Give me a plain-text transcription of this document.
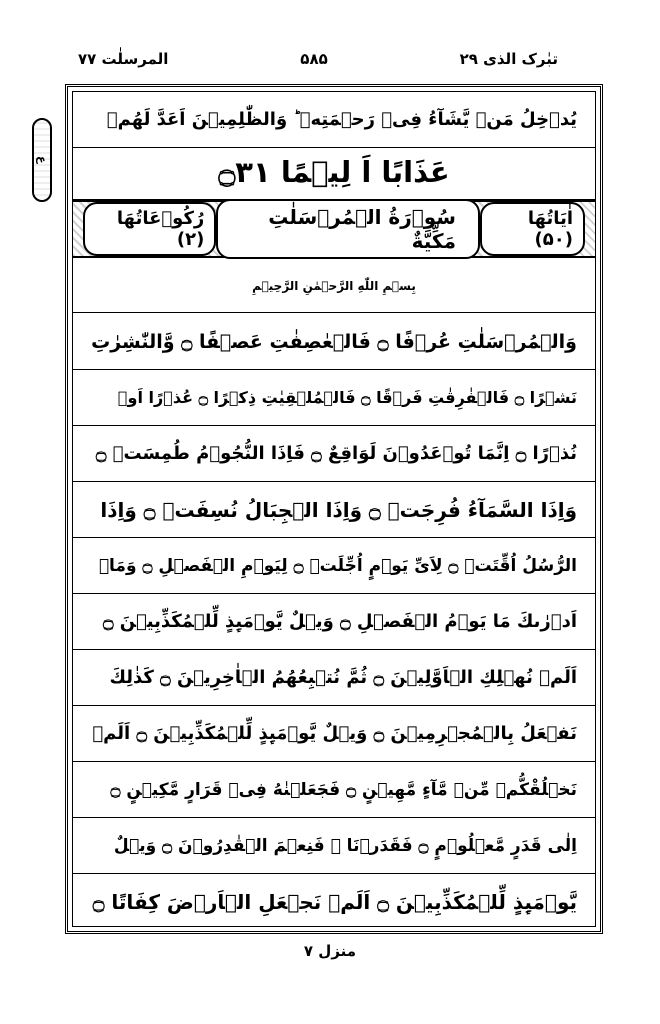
المرسلٰت ۷۷	۵۸۵	تبٰرک الذی ۲۹
ع
يُدۡخِلُ مَنۡ يَّشَآءُ فِىۡ رَحۡمَتِهٖ‌ ؕ وَالظّٰلِمِيۡنَ اَعَدَّ لَهُمۡ
عَذَابًا اَ لِيۡمًا ۝۳۱
اٰيَاتُهَا (۵۰)
سُوۡرَةُ الۡمُرۡسَلٰتِ مَكِّيَّةٌ
رُكُوۡعَاتُهَا (۲)
بِسۡمِ اللّٰهِ الرَّحۡمٰنِ الرَّحِيۡمِ
وَالۡمُرۡسَلٰتِ عُرۡفًا ۝ فَالۡعٰصِفٰتِ عَصۡفًا ۝ وَّالنّٰشِرٰتِ
نَشۡرًا ۝ فَالۡفٰرِقٰتِ فَرۡقًا ۝ فَالۡمُلۡقِيٰتِ ذِكۡرًا ۝ عُذۡرًا اَوۡ
نُذۡرًا ۝ اِنَّمَا تُوۡعَدُوۡنَ لَوَاقِعٌ ۝ فَاِذَا النُّجُوۡمُ طُمِسَتۡ ۝
وَاِذَا السَّمَآءُ فُرِجَتۡ ۝ وَاِذَا الۡجِبَالُ نُسِفَتۡ ۝ وَاِذَا
الرُّسُلُ اُقِّتَتۡ ۝ لِاَىِّ يَوۡمٍ اُجِّلَتۡ ۝ لِيَوۡمِ الۡفَصۡلِ ۝ وَمَاۤ
اَدۡرٰٮكَ مَا يَوۡمُ الۡفَصۡلِ ۝ وَيۡلٌ يَّوۡمَٮِٕذٍ لِّلۡمُكَذِّبِيۡنَ ۝
اَلَمۡ نُهۡلِكِ الۡاَوَّلِيۡنَ ۝ ثُمَّ نُتۡبِعُهُمُ الۡاٰخِرِيۡنَ ۝ كَذٰلِكَ
نَفۡعَلُ بِالۡمُجۡرِمِيۡنَ ۝ وَيۡلٌ يَّوۡمَٮِٕذٍ لِّلۡمُكَذِّبِيۡنَ ۝ اَلَمۡ
نَخۡلُقْكُّمۡ مِّنۡ مَّآءٍ مَّهِيۡنٍ ۝ فَجَعَلۡنٰهُ فِىۡ قَرَارٍ مَّكِيۡنٍ ۝
اِلٰى قَدَرٍ مَّعۡلُوۡمٍ ۝ فَقَدَرۡنَا ‌ۖ فَنِعۡمَ الۡقٰدِرُوۡنَ ۝ وَيۡلٌ
يَّوۡمَٮِٕذٍ لِّلۡمُكَذِّبِيۡنَ ۝ اَلَمۡ نَجۡعَلِ الۡاَرۡضَ كِفَاتًا ۝
منزل ۷
